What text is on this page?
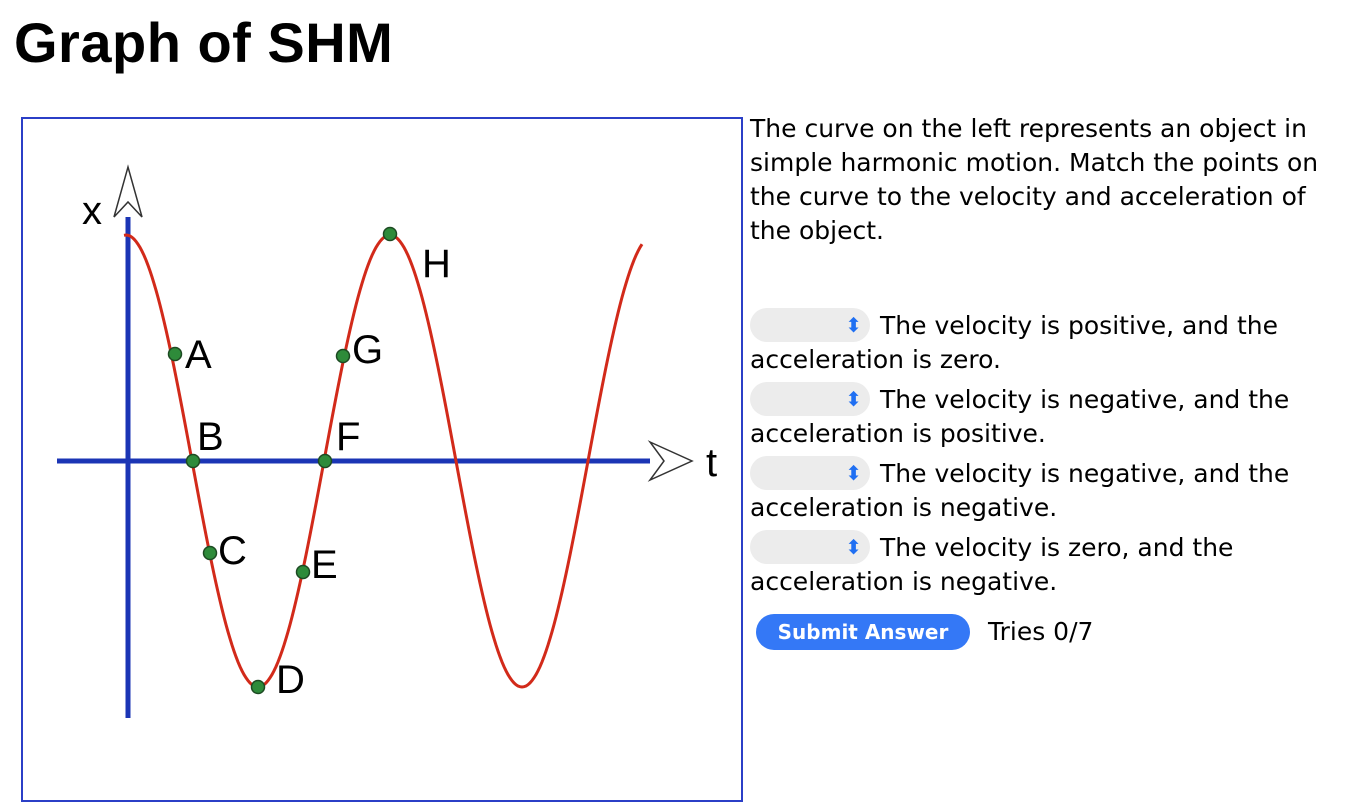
Graph of SHM
t
x
A
B
C
D
E
F
G
H

The curve on the left represents an object in simple harmonic motion. Match the points on the curve to the velocity and acceleration of the object.

⬍ The velocity is positive, and the
acceleration is zero.

⬍ The velocity is negative, and the
acceleration is positive.

⬍ The velocity is negative, and the
acceleration is negative.

⬍ The velocity is zero, and the
acceleration is negative.

Submit Answer	Tries 0/7
